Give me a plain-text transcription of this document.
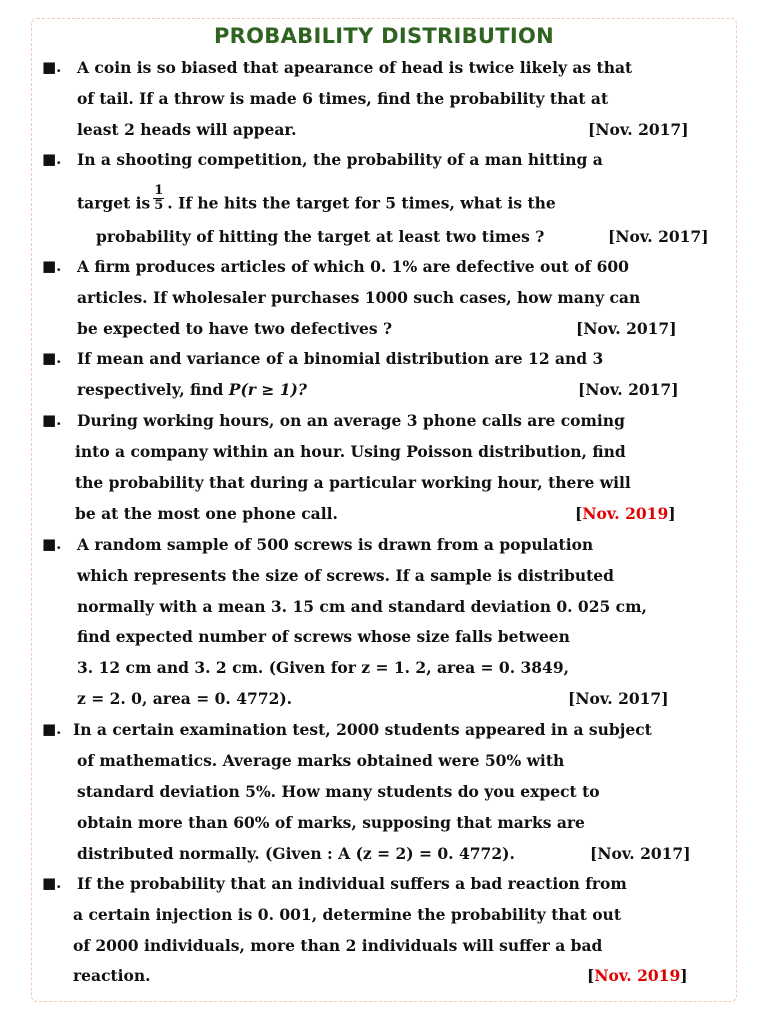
PROBABILITY DISTRIBUTION
■. A coin is so biased that apearance of head is twice likely as that
of tail. If a throw is made 6 times, find the probability that at
least 2 heads will appear.	[Nov. 2017]
■. In a shooting competition, the probability of a man hitting a
target is $\frac{1}{5}$ . If he hits the target for 5 times, what is the
probability of hitting the target at least two times ?	[Nov. 2017]
■. A firm produces articles of which 0. 1% are defective out of 600
articles. If wholesaler purchases 1000 such cases, how many can
be expected to have two defectives ?	[Nov. 2017]
■. If mean and variance of a binomial distribution are 12 and 3
respectively, find P(r ≥ 1)?	[Nov. 2017]
■. During working hours, on an average 3 phone calls are coming
into a company within an hour. Using Poisson distribution, find
the probability that during a particular working hour, there will
be at the most one phone call.	[Nov. 2019]
■. A random sample of 500 screws is drawn from a population
which represents the size of screws. If a sample is distributed
normally with a mean 3. 15 cm and standard deviation 0. 025 cm,
find expected number of screws whose size falls between
3. 12 cm and 3. 2 cm. (Given for z = 1. 2, area = 0. 3849,
z = 2. 0, area = 0. 4772).	[Nov. 2017]
■. In a certain examination test, 2000 students appeared in a subject
of mathematics. Average marks obtained were 50% with
standard deviation 5%. How many students do you expect to
obtain more than 60% of marks, supposing that marks are
distributed normally. (Given : A (z = 2) = 0. 4772).	[Nov. 2017]
■. If the probability that an individual suffers a bad reaction from
a certain injection is 0. 001, determine the probability that out
of 2000 individuals, more than 2 individuals will suffer a bad
reaction.	[Nov. 2019]
